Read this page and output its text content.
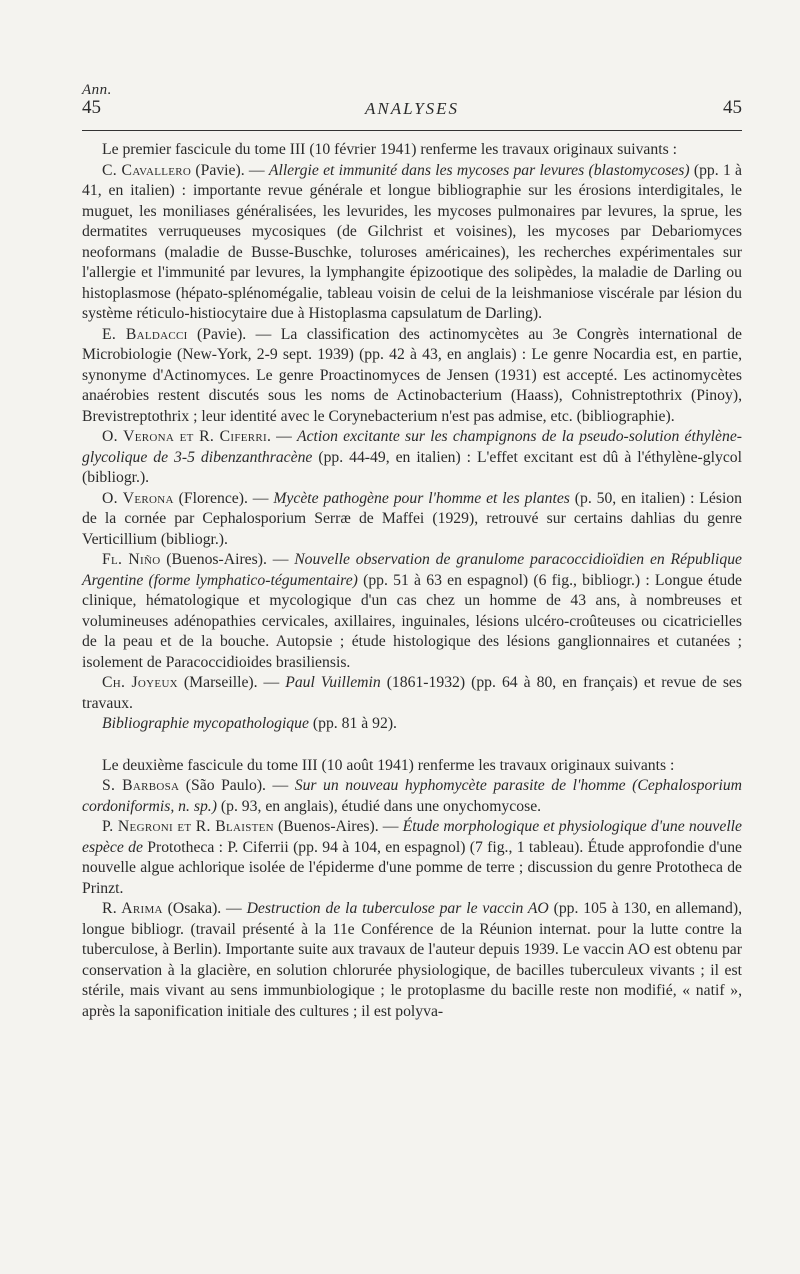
Ann.
45	ANALYSES	45

Le premier fascicule du tome III (10 février 1941) renferme les travaux originaux suivants :

C. Cavallero (Pavie). — Allergie et immunité dans les mycoses par levures (blastomycoses) (pp. 1 à 41, en italien) : importante revue générale et longue bibliographie sur les érosions interdigitales, le muguet, les moniliases généralisées, les levurides, les mycoses pulmonaires par levures, la sprue, les dermatites verruqueuses mycosiques (de Gilchrist et voisines), les mycoses par Debariomyces neoformans (maladie de Busse-Buschke, toluroses américaines), les recherches expérimentales sur l'allergie et l'immunité par levures, la lymphangite épizootique des solipèdes, la maladie de Darling ou histoplasmose (hépato-splénomégalie, tableau voisin de celui de la leishmaniose viscérale par lésion du système réticulo-histiocytaire due à Histoplasma capsulatum de Darling).

E. Baldacci (Pavie). — La classification des actinomycètes au 3e Congrès international de Microbiologie (New-York, 2-9 sept. 1939) (pp. 42 à 43, en anglais) : Le genre Nocardia est, en partie, synonyme d'Actinomyces. Le genre Proactinomyces de Jensen (1931) est accepté. Les actinomycètes anaérobies restent discutés sous les noms de Actinobacterium (Haass), Cohnistreptothrix (Pinoy), Brevistreptothrix ; leur identité avec le Corynebacterium n'est pas admise, etc. (bibliographie).

O. Verona et R. Ciferri. — Action excitante sur les champignons de la pseudo-solution éthylène-glycolique de 3-5 dibenzanthracène (pp. 44-49, en italien) : L'effet excitant est dû à l'éthylène-glycol (bibliogr.).

O. Verona (Florence). — Mycète pathogène pour l'homme et les plantes (p. 50, en italien) : Lésion de la cornée par Cephalosporium Serræ de Maffei (1929), retrouvé sur certains dahlias du genre Verticillium (bibliogr.).

Fl. Niño (Buenos-Aires). — Nouvelle observation de granulome paracoccidioïdien en République Argentine (forme lymphatico-tégumentaire) (pp. 51 à 63 en espagnol) (6 fig., bibliogr.) : Longue étude clinique, hématologique et mycologique d'un cas chez un homme de 43 ans, à nombreuses et volumineuses adénopathies cervicales, axillaires, inguinales, lésions ulcéro-croûteuses ou cicatricielles de la peau et de la bouche. Autopsie ; étude histologique des lésions ganglionnaires et cutanées ; isolement de Paracoccidioides brasiliensis.

Ch. Joyeux (Marseille). — Paul Vuillemin (1861-1932) (pp. 64 à 80, en français) et revue de ses travaux.

Bibliographie mycopathologique (pp. 81 à 92).

Le deuxième fascicule du tome III (10 août 1941) renferme les travaux originaux suivants :

S. Barbosa (São Paulo). — Sur un nouveau hyphomycète parasite de l'homme (Cephalosporium cordoniformis, n. sp.) (p. 93, en anglais), étudié dans une onychomycose.

P. Negroni et R. Blaisten (Buenos-Aires). — Étude morphologique et physiologique d'une nouvelle espèce de Prototheca : P. Ciferrii (pp. 94 à 104, en espagnol) (7 fig., 1 tableau). Étude approfondie d'une nouvelle algue achlorique isolée de l'épiderme d'une pomme de terre ; discussion du genre Prototheca de Prinzt.

R. Arima (Osaka). — Destruction de la tuberculose par le vaccin AO (pp. 105 à 130, en allemand), longue bibliogr. (travail présenté à la 11e Conférence de la Réunion internat. pour la lutte contre la tuberculose, à Berlin). Importante suite aux travaux de l'auteur depuis 1939. Le vaccin AO est obtenu par conservation à la glacière, en solution chlorurée physiologique, de bacilles tuberculeux vivants ; il est stérile, mais vivant au sens immunbiologique ; le protoplasme du bacille reste non modifié, « natif », après la saponification initiale des cultures ; il est polyva-
